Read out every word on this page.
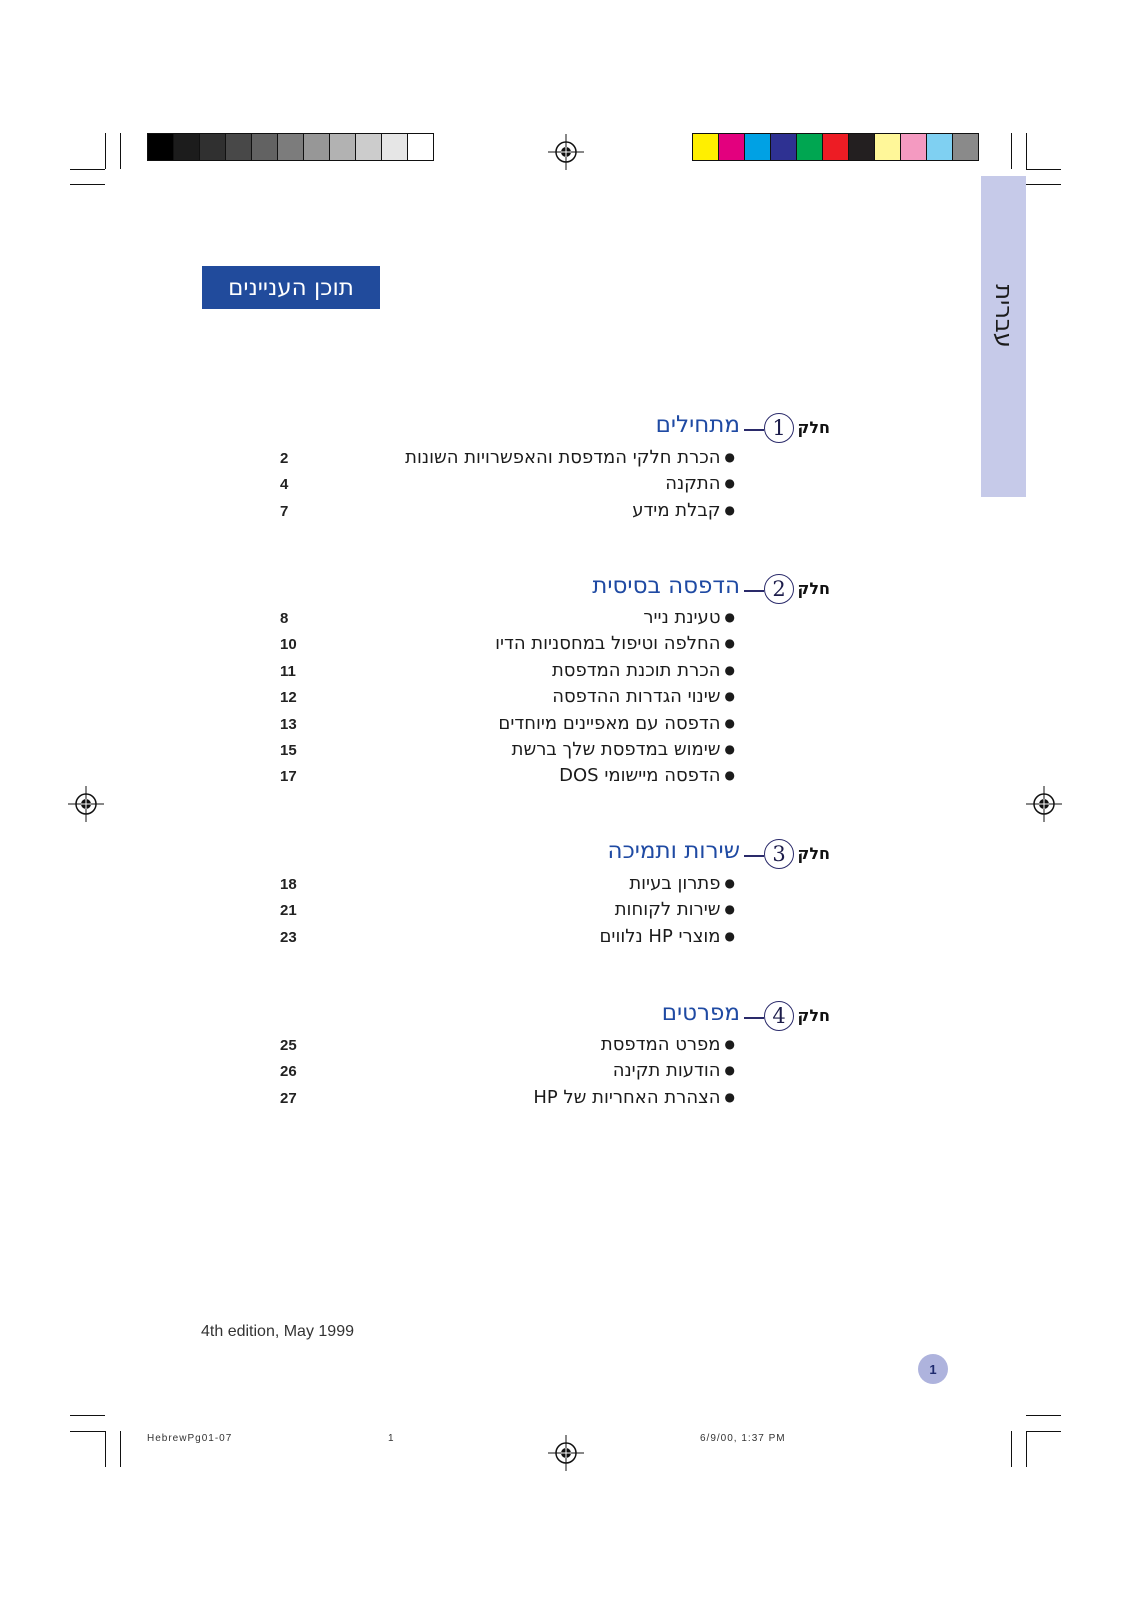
עברית
תוכן העניינים
חלק
1
מתחילים
2	●הכרת חלקי המדפסת והאפשרויות השונות
4	●התקנה
7	●קבלת מידע
חלק
2
הדפסה בסיסית
8	●טעינת נייר
10	●החלפה וטיפול במחסניות הדיו
11	●הכרת תוכנת המדפסת
12	●שינוי הגדרות ההדפסה
13	●הדפסה עם מאפיינים מיוחדים
15	●שימוש במדפסת שלך ברשת
17	●הדפסה מיישומי DOS
חלק
3
שירות ותמיכה
18	●פתרון בעיות
21	●שירות לקוחות
23	●מוצרי HP נלווים
חלק
4
מפרטים
25	●מפרט המדפסת
26	●הודעות תקינה
27	●הצהרת האחריות של HP
4th edition, May 1999
1
HebrewPg01-07	1	6/9/00, 1:37 PM
